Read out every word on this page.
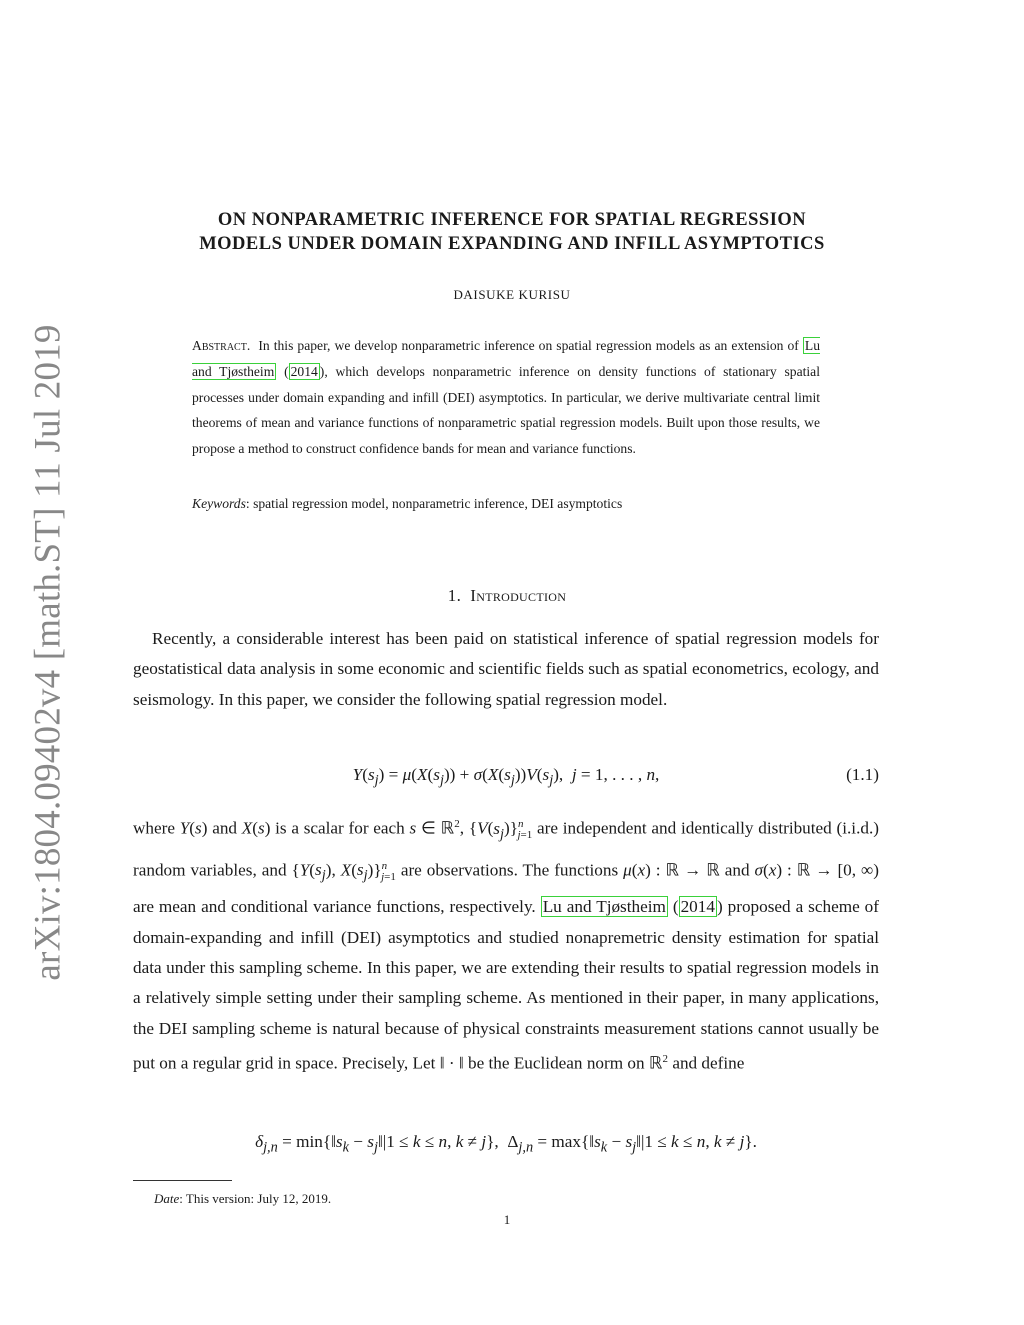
arXiv:1804.09402v4 [math.ST] 11 Jul 2019
ON NONPARAMETRIC INFERENCE FOR SPATIAL REGRESSION
MODELS UNDER DOMAIN EXPANDING AND INFILL ASYMPTOTICS
DAISUKE KURISU
Abstract. In this paper, we develop nonparametric inference on spatial regression models as an extension of Lu and Tjøstheim ( 2014 ), which develops nonparametric inference on density functions of stationary spatial processes under domain expanding and infill (DEI) asymptotics. In particular, we derive multivariate central limit theorems of mean and variance functions of nonparametric spatial regression models. Built upon those results, we propose a method to construct confidence bands for mean and variance functions.
Keywords: spatial regression model, nonparametric inference, DEI asymptotics
1. Introduction
Recently, a considerable interest has been paid on statistical inference of spatial regression models for geostatistical data analysis in some economic and scientific fields such as spatial econometrics, ecology, and seismology. In this paper, we consider the following spatial regression model.
$Y(s_j) = \mu(X(s_j)) + \sigma(X(s_j))V(s_j)$,  j = 1, . . . , n,	(1.1)
where Y(s) and X(s) is a scalar for each s ∈ ℝ$^2$, $\{V(s_j)\}^n_{j=1}$ are independent and identically distributed (i.i.d.) random variables, and {$Y(s_j)$, $X(s_j)\}^n_{j=1}$ are observations. The functions μ(x) : ℝ → ℝ and σ(x) : ℝ → [0, ∞) are mean and conditional variance functions, respectively. Lu and Tjøstheim ( 2014 ) proposed a scheme of domain-expanding and infill (DEI) asymptotics and studied nonapremetric density estimation for spatial data under this sampling scheme. In this paper, we are extending their results to spatial regression models in a relatively simple setting under their sampling scheme. As mentioned in their paper, in many applications, the DEI sampling scheme is natural because of physical constraints measurement stations cannot usually be put on a regular grid in space. Precisely, Let ‖ · ‖ be the Euclidean norm on ℝ$^2$ and define
$\delta_{j,n}$ = $\min\{‖s_k$ − $s_j‖|1 \le k \le n$, k ≠ j},  $\Delta_{j,n}$ = $\max\{‖s_k$ − $s_j‖|1 \le k \le n$, k ≠ j}.
Date: This version: July 12, 2019.
1
